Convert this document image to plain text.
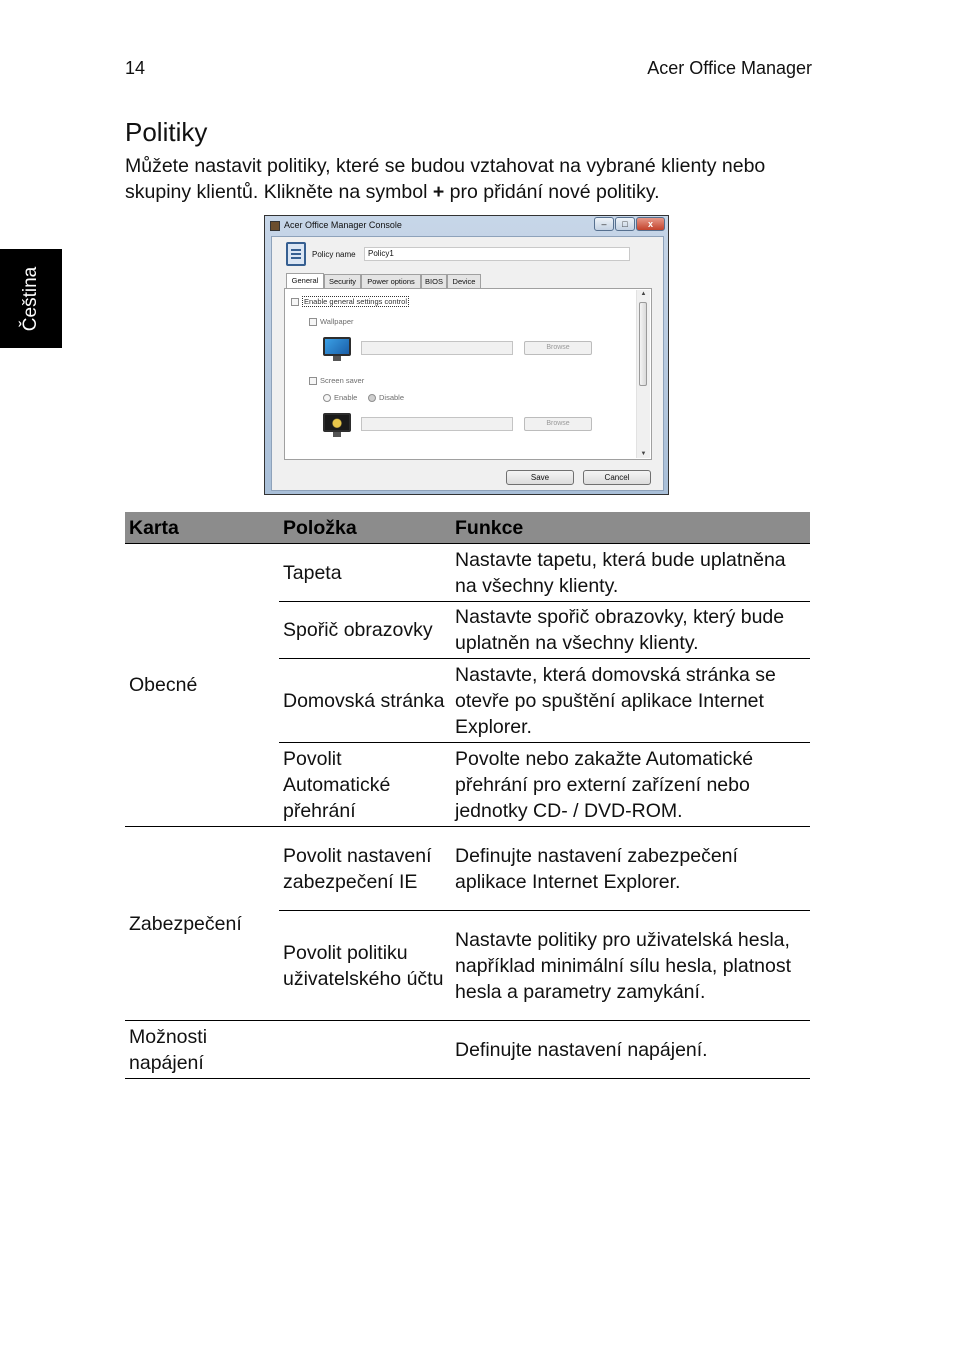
14	Acer Office Manager
Čeština
Politiky

Můžete nastavit politiky, které se budou vztahovat na vybrané klienty nebo skupiny klientů. Klikněte na symbol + pro přidání nové politiky.

Acer Office Manager Console	–	□	x
Policy name	Policy1
General	Security	Power options	BIOS	Device
Enable general settings control
Wallpaper
Browse
Screen saver
Enable	Disable
Browse
▲
▼
Save	Cancel
Karta	Položka	Funkce
Obecné	Tapeta	Nastavte tapetu, která bude uplatněna na všechny klienty.
	Spořič obrazovky	Nastavte spořič obrazovky, který bude uplatněn na všechny klienty.
	Domovská stránka	Nastavte, která domovská stránka se otevře po spuštění aplikace Internet Explorer.
	Povolit Automatické přehrání	Povolte nebo zakažte Automatické přehrání pro externí zařízení nebo jednotky CD- / DVD-ROM.
Zabezpečení	Povolit nastavení zabezpečení IE	Definujte nastavení zabezpečení aplikace Internet Explorer.
	Povolit politiku uživatelského účtu	Nastavte politiky pro uživatelská hesla, například minimální sílu hesla, platnost hesla a parametry zamykání.
Možnosti napájení		Definujte nastavení napájení.
